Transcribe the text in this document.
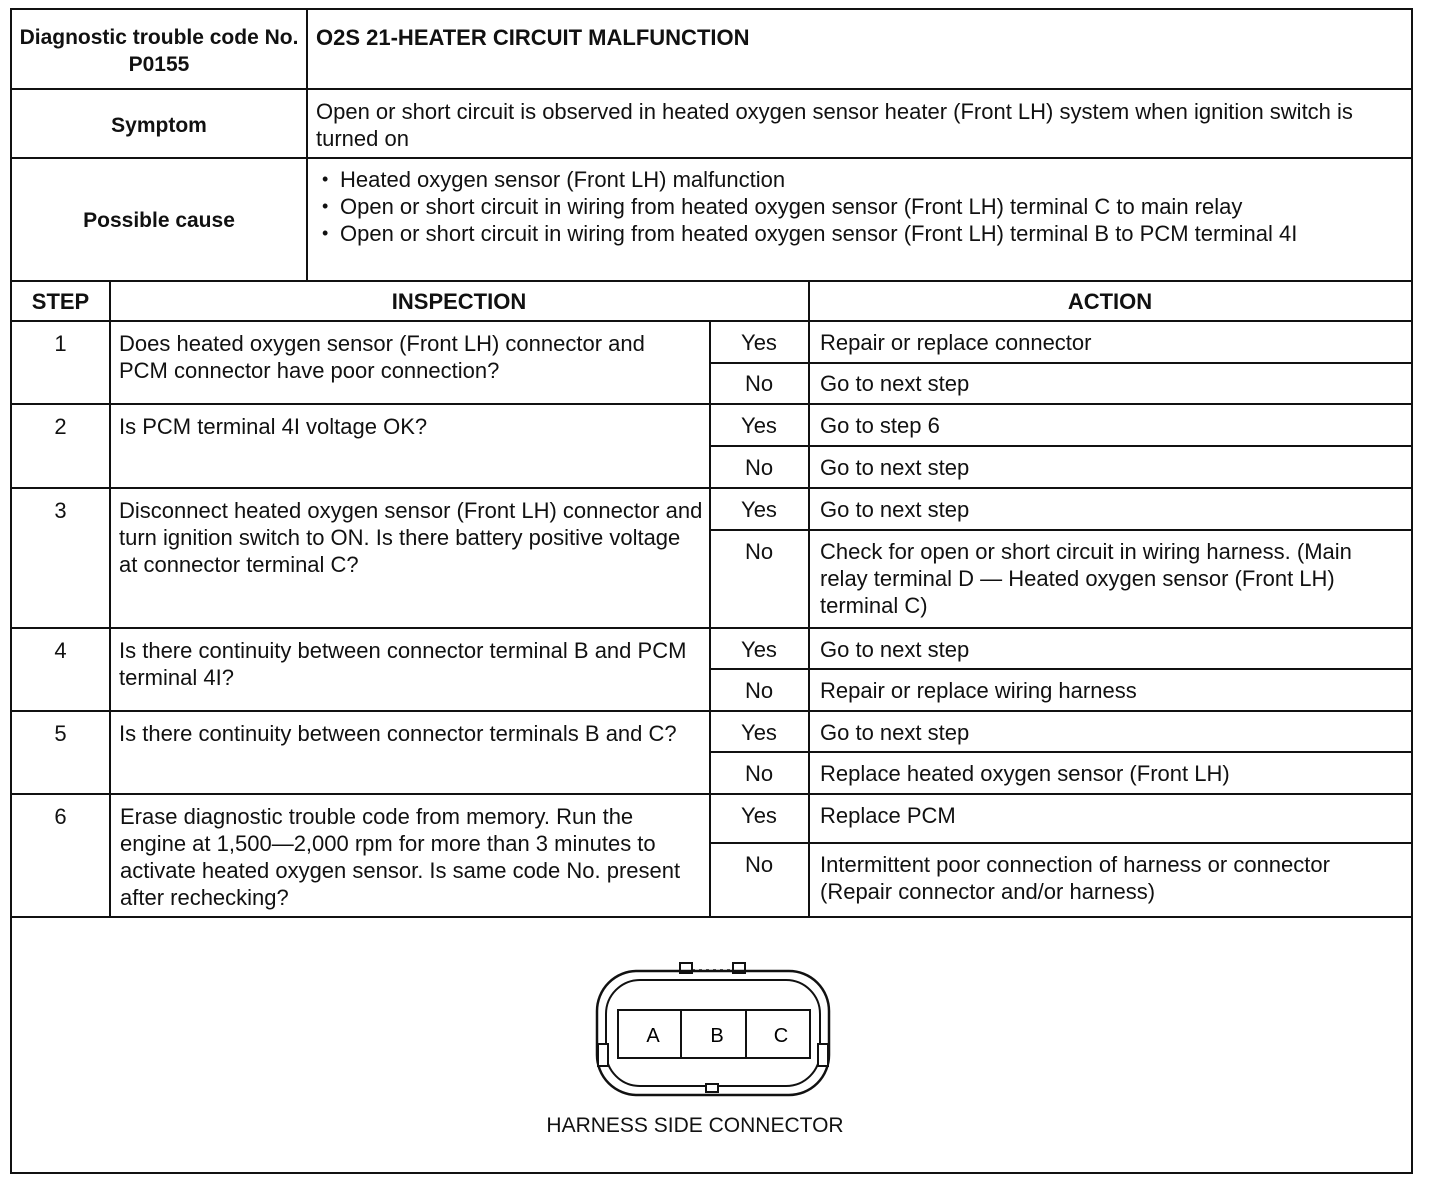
Diagnostic trouble code No. P0155
O2S 21-HEATER CIRCUIT MALFUNCTION
Symptom
Open or short circuit is observed in heated oxygen sensor heater (Front LH) system when ignition switch is turned on
Possible cause
• Heated oxygen sensor (Front LH) malfunction
• Open or short circuit in wiring from heated oxygen sensor (Front LH) terminal C to main relay
• Open or short circuit in wiring from heated oxygen sensor (Front LH) terminal B to PCM terminal 4I
STEP	INSPECTION	ACTION
1	Does heated oxygen sensor (Front LH) connector and PCM connector have poor connection?
Yes	Repair or replace connector
No	Go to next step
2	Is PCM terminal 4I voltage OK?	Yes	Go to step 6
No	Go to next step
3	Disconnect heated oxygen sensor (Front LH) connector and turn ignition switch to ON. Is there battery positive voltage at connector terminal C?
Yes	Go to next step
No	Check for open or short circuit in wiring harness. (Main relay terminal D — Heated oxygen sensor (Front LH) terminal C)
4	Is there continuity between connector terminal B and PCM terminal 4I?
Yes	Go to next step
No	Repair or replace wiring harness
5	Is there continuity between connector terminals B and C?	Yes	Go to next step
No	Replace heated oxygen sensor (Front LH)
6	Erase diagnostic trouble code from memory. Run the engine at 1,500—2,000 rpm for more than 3 minutes to activate heated oxygen sensor. Is same code No. present after rechecking?
Yes	Replace PCM
No	Intermittent poor connection of harness or connector (Repair connector and/or harness)
A	B	C
HARNESS SIDE CONNECTOR
